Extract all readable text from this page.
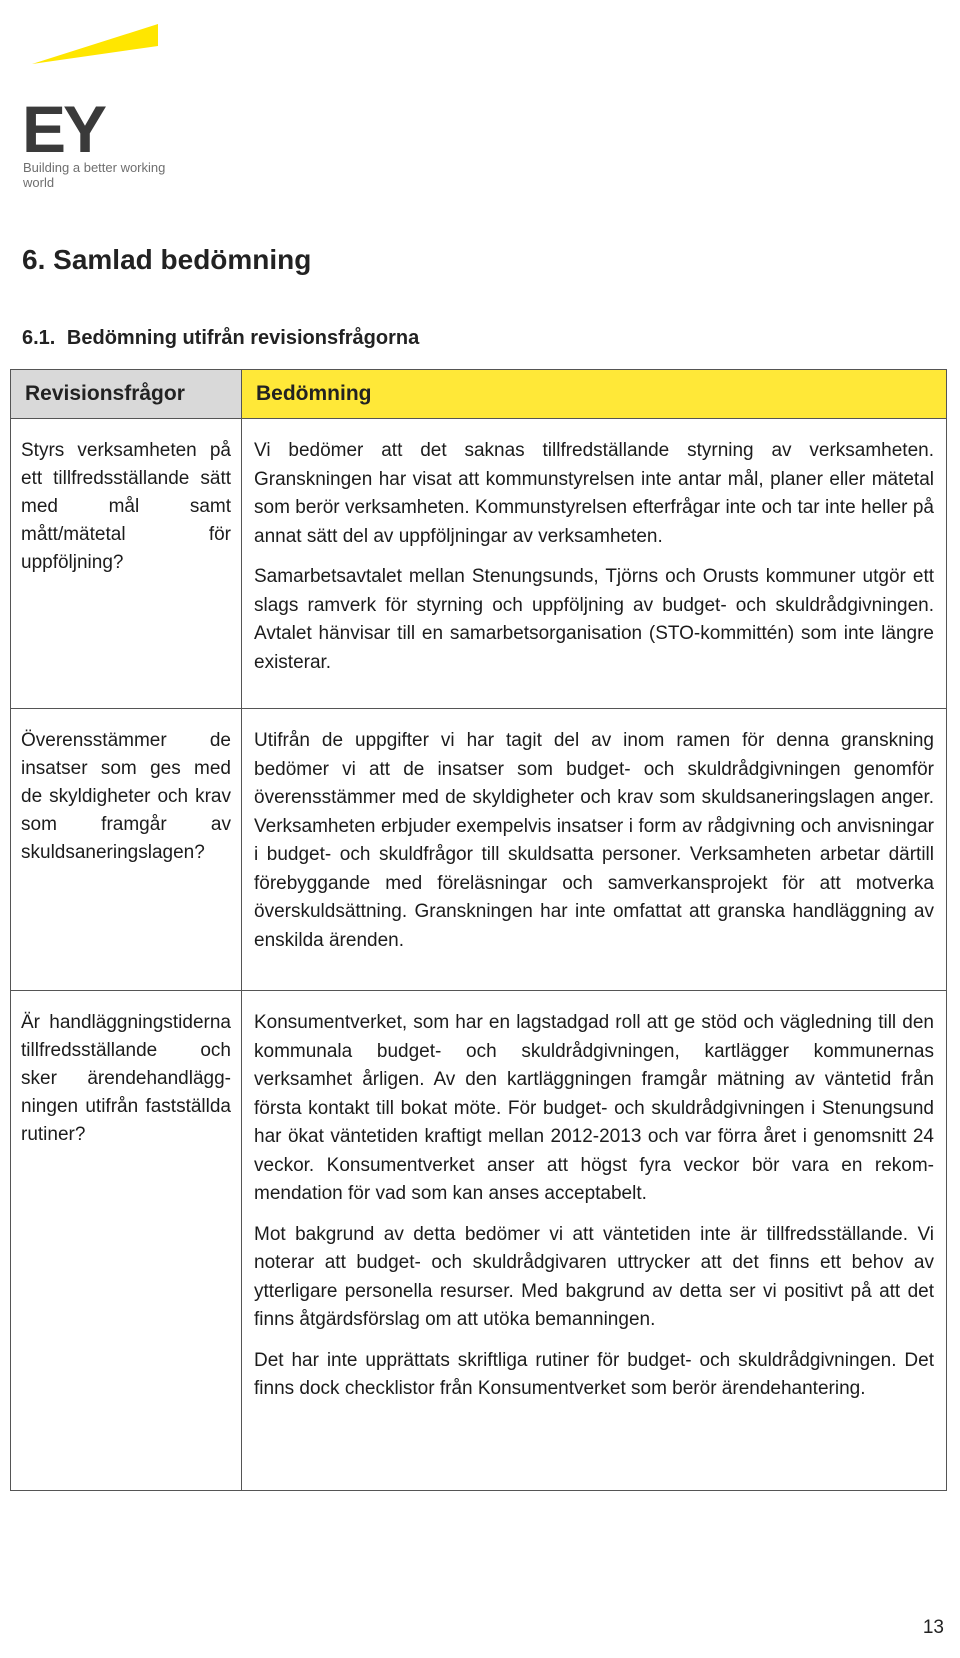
EY
Building a better working world
6. Samlad bedömning
6.1. Bedömning utifrån revisionsfrågorna
Revisionsfrågor	Bedömning
Styrs verksamheten på ett tillfredsställande sätt med mål samt mått/mätetal för uppföljning?	Vi bedömer att det saknas tillfredställande styrning av verksamheten. Granskningen har visat att kommunstyrelsen inte antar mål, planer eller mätetal som berör verksamheten. Kommunstyrelsen efterfrågar inte och tar inte heller på annat sätt del av uppföljningar av verksamheten.

Samarbetsavtalet mellan Stenungsunds, Tjörns och Orusts kommuner utgör ett slags ramverk för styrning och uppföljning av budget- och skuldrådgivningen. Avtalet hänvisar till en samarbetsorganisation (STO-kommittén) som inte längre existerar.

Överensstämmer de insatser som ges med de skyldigheter och krav som framgår av skuldsaneringslagen?	Utifrån de uppgifter vi har tagit del av inom ramen för denna granskning bedömer vi att de insatser som budget- och skuldrådgivningen genomför överensstämmer med de skyldigheter och krav som skuldsaneringslagen anger. Verksamheten erbjuder exempelvis insatser i form av rådgivning och anvisningar i budget- och skuldfrågor till skuldsatta personer. Verksamheten arbetar därtill förebyggande med föreläsningar och samverkansprojekt för att motverka överskuldsättning. Granskningen har inte omfattat att granska handläggning av enskilda ärenden.

Är handläggningstiderna tillfredsställande och sker ärendehandläggningen utifrån fastställda rutiner?	Konsumentverket, som har en lagstadgad roll att ge stöd och vägledning till den kommunala budget- och skuldrådgivningen, kartlägger kommunernas verksamhet årligen. Av den kartläggningen framgår mätning av väntetid från första kontakt till bokat möte. För budget- och skuldrådgivningen i Stenungsund har ökat väntetiden kraftigt mellan 2012-2013 och var förra året i genomsnitt 24 veckor. Konsumentverket anser att högst fyra veckor bör vara en rekommendation för vad som kan anses acceptabelt.

Mot bakgrund av detta bedömer vi att väntetiden inte är tillfredsställande. Vi noterar att budget- och skuldrådgivaren uttrycker att det finns ett behov av ytterligare personella resurser. Med bakgrund av detta ser vi positivt på att det finns åtgärdsförslag om att utöka bemanningen.

Det har inte upprättats skriftliga rutiner för budget- och skuldrådgivningen. Det finns dock checklistor från Konsumentverket som berör ärendehantering.

13
